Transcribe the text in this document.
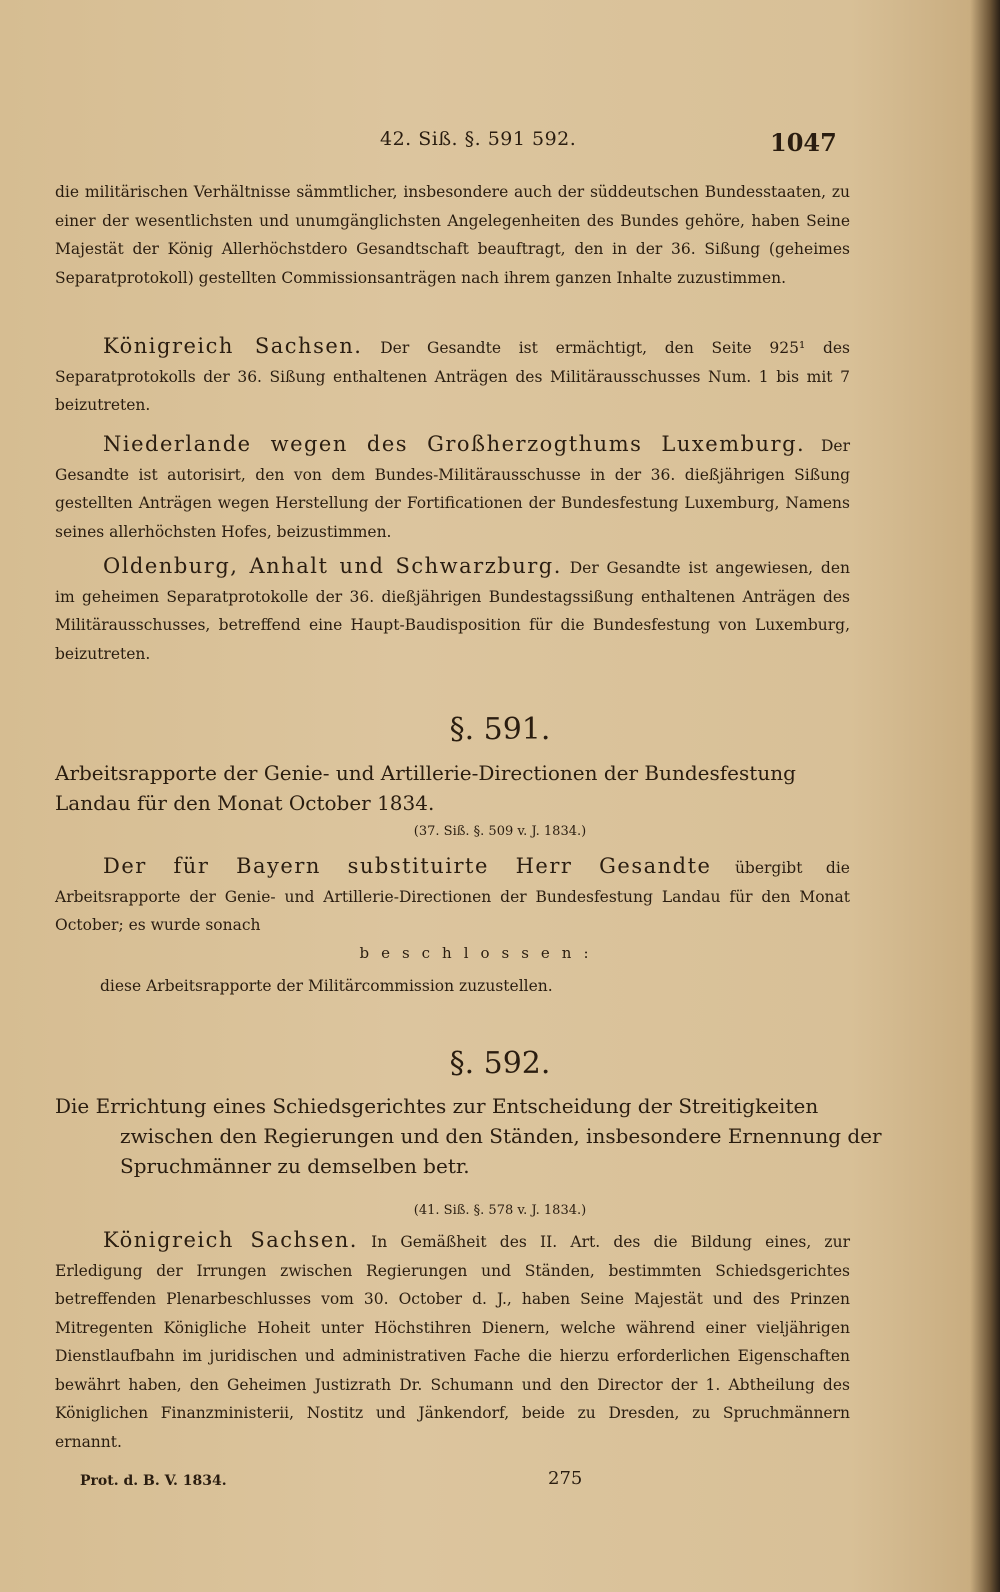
42. Siß. §. 591 592.	1047
die militärischen Verhältnisse sämmtlicher, insbesondere auch der süddeutschen Bundesstaaten, zu einer der wesentlichsten und unumgänglichsten Angelegenheiten des Bundes gehöre, haben Seine Majestät der König Allerhöchstdero Gesandtschaft beauftragt, den in der 36. Sißung (geheimes Separatprotokoll) gestellten Commissionsanträgen nach ihrem ganzen Inhalte zuzustimmen.
Königreich Sachsen. Der Gesandte ist ermächtigt, den Seite 925¹ des Separatprotokolls der 36. Sißung enthaltenen Anträgen des Militärausschusses Num. 1 bis mit 7 beizutreten.
Niederlande wegen des Großherzogthums Luxemburg. Der Gesandte ist autorisirt, den von dem Bundes-Militärausschusse in der 36. dießjährigen Sißung gestellten Anträgen wegen Herstellung der Fortificationen der Bundesfestung Luxemburg, Namens seines allerhöchsten Hofes, beizustimmen.
Oldenburg, Anhalt und Schwarzburg. Der Gesandte ist angewiesen, den im geheimen Separatprotokolle der 36. dießjährigen Bundestagssißung enthaltenen Anträgen des Militärausschusses, betreffend eine Haupt-Baudisposition für die Bundesfestung von Luxemburg, beizutreten.
§. 591.
Arbeitsrapporte der Genie- und Artillerie-Directionen der Bundesfestung Landau für den Monat October 1834.
(37. Siß. §. 509 v. J. 1834.)
Der für Bayern substituirte Herr Gesandte übergibt die Arbeitsrapporte der Genie- und Artillerie-Directionen der Bundesfestung Landau für den Monat October; es wurde sonach
beschlossen:
diese Arbeitsrapporte der Militärcommission zuzustellen.
§. 592.
Die Errichtung eines Schiedsgerichtes zur Entscheidung der Streitigkeiten zwischen den Regierungen und den Ständen, insbesondere Ernennung der Spruchmänner zu demselben betr.
(41. Siß. §. 578 v. J. 1834.)
Königreich Sachsen. In Gemäßheit des II. Art. des die Bildung eines, zur Erledigung der Irrungen zwischen Regierungen und Ständen, bestimmten Schiedsgerichtes betreffenden Plenarbeschlusses vom 30. October d. J., haben Seine Majestät und des Prinzen Mitregenten Königliche Hoheit unter Höchstihren Dienern, welche während einer vieljährigen Dienstlaufbahn im juridischen und administrativen Fache die hierzu erforderlichen Eigenschaften bewährt haben, den Geheimen Justizrath Dr. Schumann und den Director der 1. Abtheilung des Königlichen Finanzministerii, Nostitz und Jänkendorf, beide zu Dresden, zu Spruchmännern ernannt.
Prot. d. B. V. 1834.	275
